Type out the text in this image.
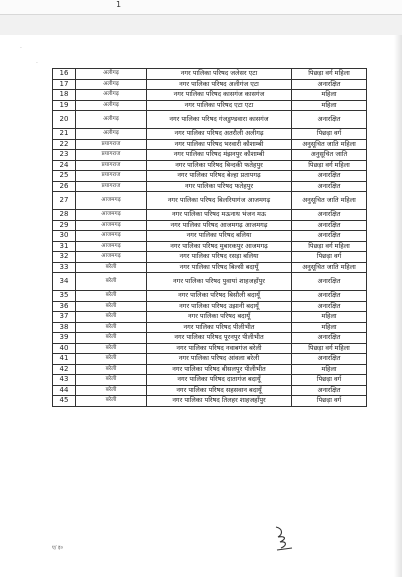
1
·
·
16	अलीगढ़	नगर पालिका परिषद जलेसर एटा	पिछड़ा वर्ग महिला
17	अलीगढ़	नगर पालिका परिषद अलीगंज एटा	अनारक्षित
18	अलीगढ़	नगर पालिका परिषद कासगंज कासगंज	महिला
19	अलीगढ़	नगर पालिका परिषद एटा एटा	महिला
20	अलीगढ़	नगर पालिका परिषद गंजडुण्डवारा कासगंज	अनारक्षित
21	अलीगढ़	नगर पालिका परिषद अतरौली अलीगढ़	पिछड़ा वर्ग
22	प्रयागराज	नगर पालिका परिषद भरवारी कौशाम्बी	अनुसूचित जाति महिला
23	प्रयागराज	नगर पालिका परिषद मंझनपुर कौशाम्बी	अनुसूचित जाति
24	प्रयागराज	नगर पालिका परिषद बिन्दकी फतेहपुर	पिछड़ा वर्ग महिला
25	प्रयागराज	नगर पालिका परिषद बेल्हा प्रतापगढ़	अनारक्षित
26	प्रयागराज	नगर पालिका परिषद फतेहपुर	अनारक्षित
27	आजमगढ़	नगर पालिका परिषद बिलरियागंज आजमगढ़	अनुसूचित जाति महिला
28	आजमगढ़	नगर पालिका परिषद मऊनाथ भंजन मऊ	अनारक्षित
29	आजमगढ़	नगर पालिका परिषद आजमगढ़ आजमगढ़	अनारक्षित
30	आजमगढ़	नगर पालिका परिषद बलिया	अनारक्षित
31	आजमगढ़	नगर पालिका परिषद मुबारकपुर आजमगढ़	पिछड़ा वर्ग महिला
32	आजमगढ़	नगर पालिका परिषद रसड़ा बलिया	पिछड़ा वर्ग
33	बरेली	नगर पालिका परिषद बिल्सी बदायूँ	अनुसूचित जाति महिला
34	बरेली	नगर पालिका परिषद पुवायां शाहजहाँपुर	अनारक्षित
35	बरेली	नगर पालिका परिषद बिसौली बदायूँ	अनारक्षित
36	बरेली	नगर पालिका परिषद उझानी बदायूँ	अनारक्षित
37	बरेली	नगर पालिका परिषद बदायूँ	महिला
38	बरेली	नगर पालिका परिषद पीलीभीत	महिला
39	बरेली	नगर पालिका परिषद पूरनपुर पीलीभीत	अनारक्षित
40	बरेली	नगर पालिका परिषद नवाबगंज बरेली	पिछड़ा वर्ग महिला
41	बरेली	नगर पालिका परिषद आंवला बरेली	अनारक्षित
42	बरेली	नगर पालिका परिषद बीसलपुर पीलीभीत	महिला
43	बरेली	नगर पालिका परिषद दातागंज बदायूँ	पिछड़ा वर्ग
44	बरेली	नगर पालिका परिषद सहसवान बदायूँ	अनारक्षित
45	बरेली	नगर पालिका परिषद तिलहर शाहजहाँपुर	पिछड़ा वर्ग
ए/ इ०
